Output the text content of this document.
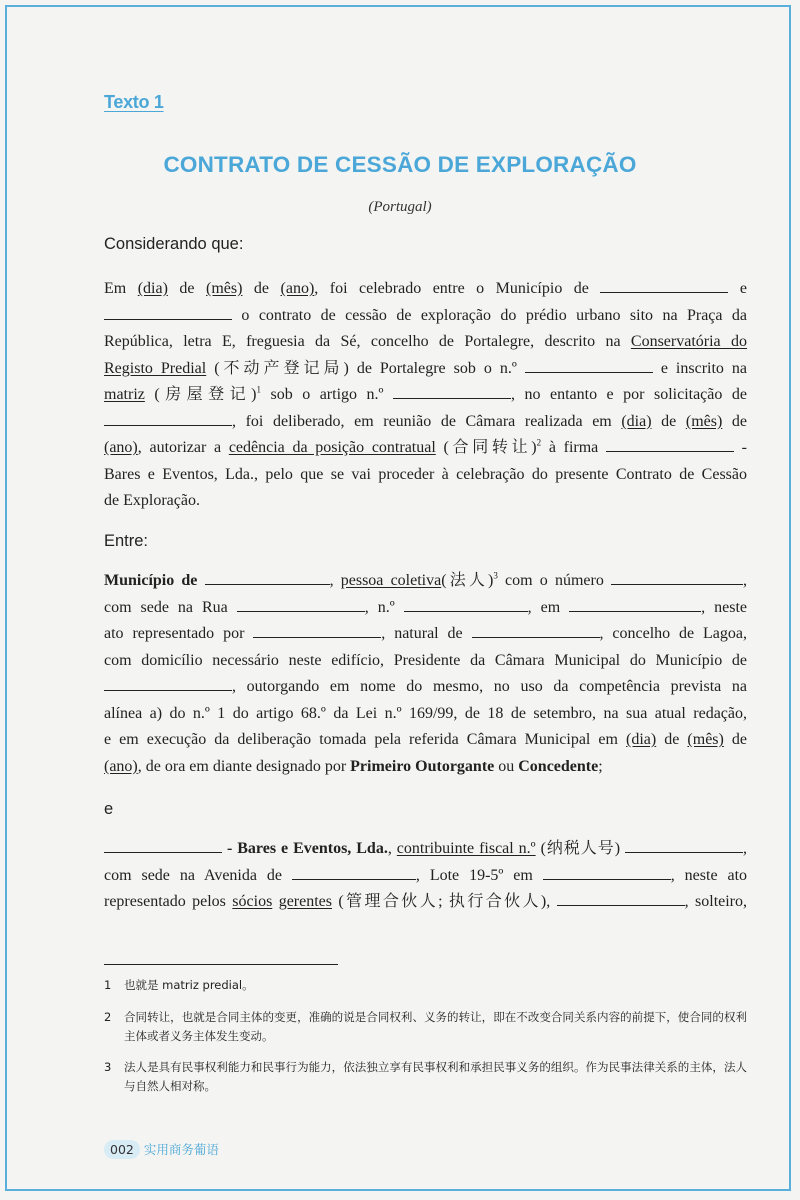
Texto 1
CONTRATO DE CESSÃO DE EXPLORAÇÃO
(Portugal)
Considerando que:
Em (dia) de (mês) de (ano), foi celebrado entre o Município de	e
o contrato de cessão de exploração do prédio urbano sito na Praça da
República, letra E, freguesia da Sé, concelho de Portalegre, descrito na Conservatória do
Registo Predial (不动产登记局) de Portalegre sob o n.º	e inscrito na
matriz (房屋登记)$^1$ sob o artigo n.º	, no entanto e por solicitação de
, foi deliberado, em reunião de Câmara realizada em (dia) de (mês) de
(ano), autorizar a cedência da posição contratual (合同转让)$^2$ à firma	-
Bares e Eventos, Lda., pelo que se vai proceder à celebração do presente Contrato de Cessão
de Exploração.
Entre:
Município de	, pessoa coletiva(法人)$^3$ com o número	,
com sede na Rua	, n.º	, em	, neste
ato representado por	, natural de	, concelho de Lagoa,
com domicílio necessário neste edifício, Presidente da Câmara Municipal do Município de
, outorgando em nome do mesmo, no uso da competência prevista na
alínea a) do n.º 1 do artigo 68.º da Lei n.º 169/99, de 18 de setembro, na sua atual redação,
e em execução da deliberação tomada pela referida Câmara Municipal em (dia) de (mês) de
(ano), de ora em diante designado por Primeiro Outorgante ou Concedente;
e
- Bares e Eventos, Lda., contribuinte fiscal n.º (纳税人号)	,
com sede na Avenida de	, Lote 19-5º em	, neste ato
representado pelos sócios gerentes (管理合伙人; 执行合伙人),	, solteiro,
1	也就是 matriz predial。
2	合同转让，也就是合同主体的变更，准确的说是合同权利、义务的转让，即在不改变合同关系内容的前提下，使合同的权利主体或者义务主体发生变动。
3	法人是具有民事权利能力和民事行为能力，依法独立享有民事权利和承担民事义务的组织。作为民事法律关系的主体，法人与自然人相对称。
002 实用商务葡语
